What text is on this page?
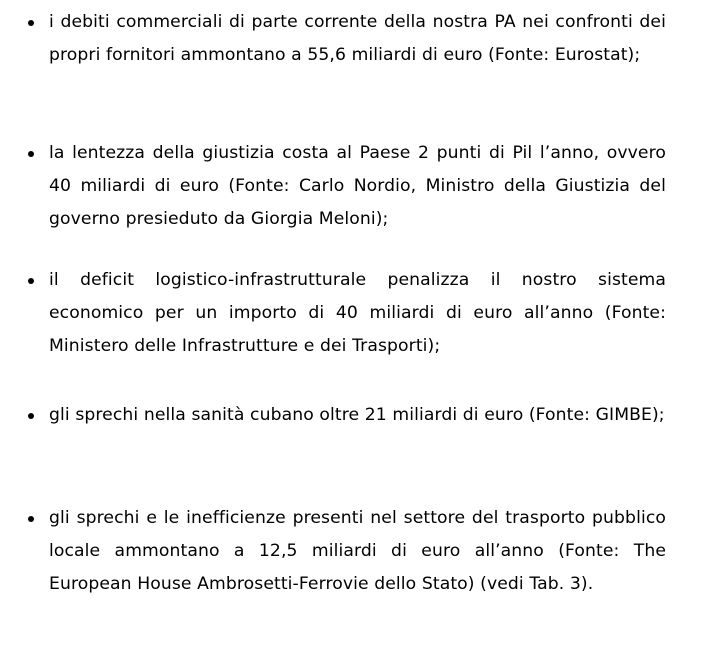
i debiti commerciali di parte corrente della nostra PA nei confronti dei propri fornitori ammontano a 55,6 miliardi di euro (Fonte: Eurostat);
la lentezza della giustizia costa al Paese 2 punti di Pil l’anno, ovvero 40 miliardi di euro (Fonte: Carlo Nordio, Ministro della Giustizia del governo presieduto da Giorgia Meloni);
il deficit logistico-infrastrutturale penalizza il nostro sistema economico per un importo di 40 miliardi di euro all’anno (Fonte: Ministero delle Infrastrutture e dei Trasporti);
gli sprechi nella sanità cubano oltre 21 miliardi di euro (Fonte: GIMBE);
gli sprechi e le inefficienze presenti nel settore del trasporto pubblico locale ammontano a 12,5 miliardi di euro all’anno (Fonte: The European House Ambrosetti-Ferrovie dello Stato) (vedi Tab. 3).
